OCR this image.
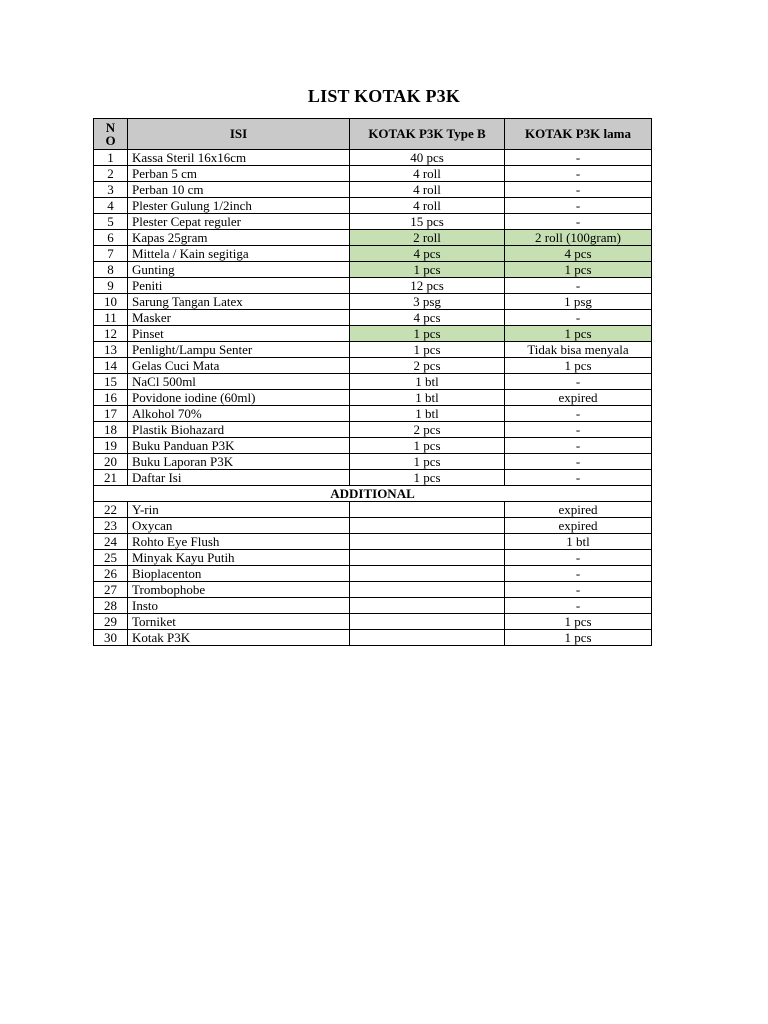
LIST KOTAK P3K
N
O	ISI	KOTAK P3K Type B	KOTAK P3K lama
1	Kassa Steril 16x16cm	40 pcs	-
2	Perban 5 cm	4 roll	-
3	Perban 10 cm	4 roll	-
4	Plester Gulung 1/2inch	4 roll	-
5	Plester Cepat reguler	15 pcs	-
6	Kapas 25gram	2 roll	2 roll (100gram)
7	Mittela / Kain segitiga	4 pcs	4 pcs
8	Gunting	1 pcs	1 pcs
9	Peniti	12 pcs	-
10	Sarung Tangan Latex	3 psg	1 psg
11	Masker	4 pcs	-
12	Pinset	1 pcs	1 pcs
13	Penlight/Lampu Senter	1 pcs	Tidak bisa menyala
14	Gelas Cuci Mata	2 pcs	1 pcs
15	NaCl 500ml	1 btl	-
16	Povidone iodine (60ml)	1 btl	expired
17	Alkohol 70%	1 btl	-
18	Plastik Biohazard	2 pcs	-
19	Buku Panduan P3K	1 pcs	-
20	Buku Laporan P3K	1 pcs	-
21	Daftar Isi	1 pcs	-
ADDITIONAL			
22	Y-rin		expired
23	Oxycan		expired
24	Rohto Eye Flush		1 btl
25	Minyak Kayu Putih		-
26	Bioplacenton		-
27	Trombophobe		-
28	Insto		-
29	Torniket		1 pcs
30	Kotak P3K		1 pcs
